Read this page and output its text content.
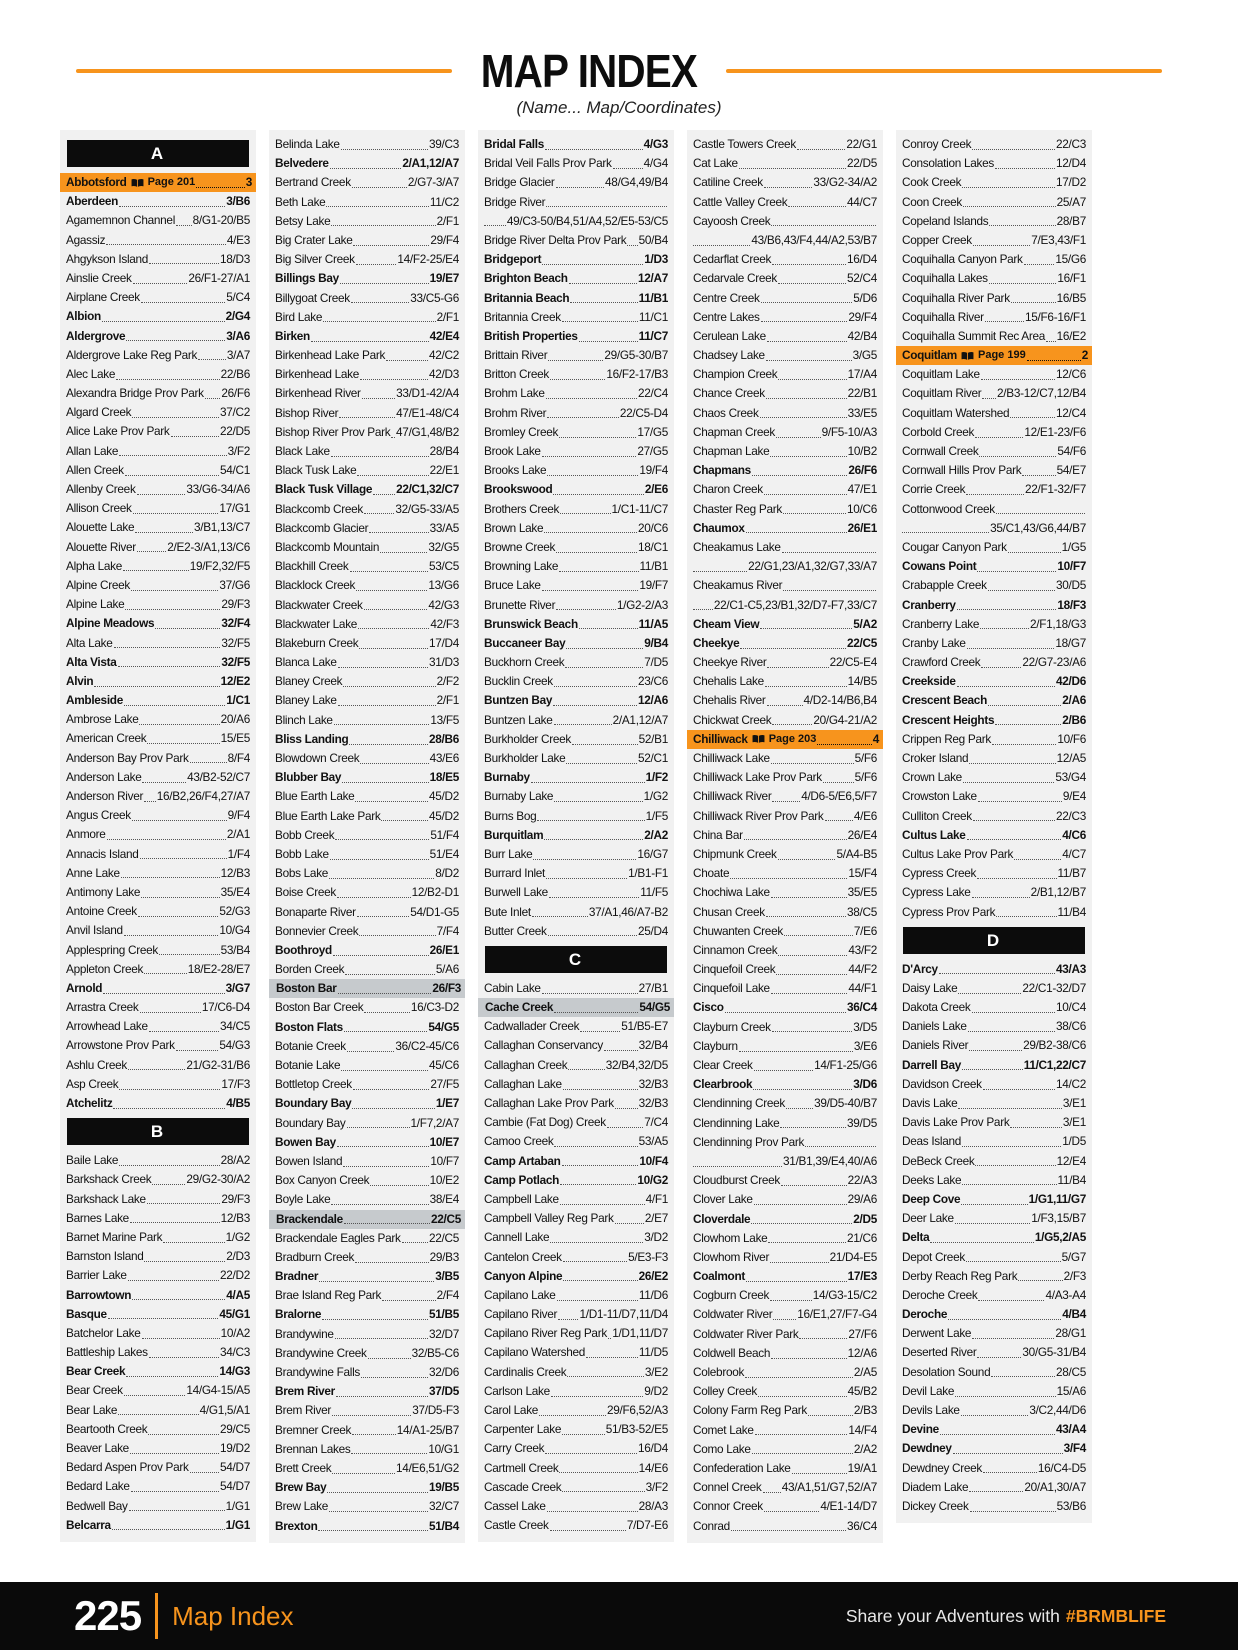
MAP INDEX
(Name... Map/Coordinates)
A
Abbotsford Page 201	3
Aberdeen	3/B6
Agamemnon Channel 8/G1-20/B5
Agassiz	4/E3
Ahgykson Island	18/D3
Ainslie Creek	26/F1-27/A1
Airplane Creek	5/C4
Albion	2/G4
Aldergrove	3/A6
Aldergrove Lake Reg Park	3/A7
Alec Lake	22/B6
Alexandra Bridge Prov Park 26/F6
Algard Creek	37/C2
Alice Lake Prov Park	22/D5
Allan Lake	3/F2
Allen Creek	54/C1
Allenby Creek	33/G6-34/A6
Allison Creek	17/G1
Alouette Lake	3/B1,13/C7
Alouette River	2/E2-3/A1,13/C6
Alpha Lake	19/F2,32/F5
Alpine Creek	37/G6
Alpine Lake	29/F3
Alpine Meadows	32/F4
Alta Lake	32/F5
Alta Vista	32/F5
Alvin	12/E2
Ambleside	1/C1
Ambrose Lake	20/A6
American Creek	15/E5
Anderson Bay Prov Park	8/F4
Anderson Lake	43/B2-52/C7
Anderson River 16/B2,26/F4,27/A7
Angus Creek	9/F4
Anmore	2/A1
Annacis Island	1/F4
Anne Lake	12/B3
Antimony Lake	35/E4
Antoine Creek	52/G3
Anvil Island	10/G4
Applespring Creek	53/B4
Appleton Creek	18/E2-28/E7
Arnold	3/G7
Arrastra Creek	17/C6-D4
Arrowhead Lake	34/C5
Arrowstone Prov Park	54/G3
Ashlu Creek	21/G2-31/B6
Asp Creek	17/F3
Atchelitz	4/B5
B
Baile Lake	28/A2
Barkshack Creek	29/G2-30/A2
Barkshack Lake	29/F3
Barnes Lake	12/B3
Barnet Marine Park	1/G2
Barnston Island	2/D3
Barrier Lake	22/D2
Barrowtown	4/A5
Basque	45/G1
Batchelor Lake	10/A2
Battleship Lakes	34/C3
Bear Creek	14/G3
Bear Creek	14/G4-15/A5
Bear Lake	4/G1,5/A1
Beartooth Creek	29/C5
Beaver Lake	19/D2
Bedard Aspen Prov Park	54/D7
Bedard Lake	54/D7
Bedwell Bay	1/G1
Belcarra	1/G1
Belinda Lake	39/C3
Belvedere	2/A1,12/A7
Bertrand Creek	2/G7-3/A7
Beth Lake	11/C2
Betsy Lake	2/F1
Big Crater Lake	29/F4
Big Silver Creek	14/F2-25/E4
Billings Bay	19/E7
Billygoat Creek	33/C5-G6
Bird Lake	2/F1
Birken	42/E4
Birkenhead Lake Park	42/C2
Birkenhead Lake	42/D3
Birkenhead River	33/D1-42/A4
Bishop River	47/E1-48/C4
Bishop River Prov Park 47/G1,48/B2
Black Lake	28/B4
Black Tusk Lake	22/E1
Black Tusk Village 22/C1,32/C7
Blackcomb Creek	32/G5-33/A5
Blackcomb Glacier	33/A5
Blackcomb Mountain	32/G5
Blackhill Creek	53/C5
Blacklock Creek	13/G6
Blackwater Creek	42/G3
Blackwater Lake	42/F3
Blakeburn Creek	17/D4
Blanca Lake	31/D3
Blaney Creek	2/F2
Blaney Lake	2/F1
Blinch Lake	13/F5
Bliss Landing	28/B6
Blowdown Creek	43/E6
Blubber Bay	18/E5
Blue Earth Lake	45/D2
Blue Earth Lake Park	45/D2
Bobb Creek	51/F4
Bobb Lake	51/E4
Bobs Lake	8/D2
Boise Creek	12/B2-D1
Bonaparte River	54/D1-G5
Bonnevier Creek	7/F4
Boothroyd	26/E1
Borden Creek	5/A6
Boston Bar	26/F3
Boston Bar Creek	16/C3-D2
Boston Flats	54/G5
Botanie Creek	36/C2-45/C6
Botanie Lake	45/C6
Bottletop Creek	27/F5
Boundary Bay	1/E7
Boundary Bay	1/F7,2/A7
Bowen Bay	10/E7
Bowen Island	10/F7
Box Canyon Creek	10/E2
Boyle Lake	38/E4
Brackendale	22/C5
Brackendale Eagles Park 22/C5
Bradburn Creek	29/B3
Bradner	3/B5
Brae Island Reg Park	2/F4
Bralorne	51/B5
Brandywine	32/D7
Brandywine Creek	32/B5-C6
Brandywine Falls	32/D6
Brem River	37/D5
Brem River	37/D5-F3
Bremner Creek	14/A1-25/B7
Brennan Lakes	10/G1
Brett Creek	14/E6,51/G2
Brew Bay	19/B5
Brew Lake	32/C7
Brexton	51/B4
Bridal Falls	4/G3
Bridal Veil Falls Prov Park	4/G4
Bridge Glacier	48/G4,49/B4
Bridge River
49/C3-50/B4,51/A4,52/E5-53/C5
Bridge River Delta Prov Park 50/B4
Bridgeport	1/D3
Brighton Beach	12/A7
Britannia Beach	11/B1
Britannia Creek	11/C1
British Properties	11/C7
Brittain River	29/G5-30/B7
Britton Creek	16/F2-17/B3
Brohm Lake	22/C4
Brohm River	22/C5-D4
Bromley Creek	17/G5
Brook Lake	27/G5
Brooks Lake	19/F4
Brookswood	2/E6
Brothers Creek	1/C1-11/C7
Brown Lake	20/C6
Browne Creek	18/C1
Browning Lake	11/B1
Bruce Lake	19/F7
Brunette River	1/G2-2/A3
Brunswick Beach	11/A5
Buccaneer Bay	9/B4
Buckhorn Creek	7/D5
Bucklin Creek	23/C6
Buntzen Bay	12/A6
Buntzen Lake	2/A1,12/A7
Burkholder Creek	52/B1
Burkholder Lake	52/C1
Burnaby	1/F2
Burnaby Lake	1/G2
Burns Bog	1/F5
Burquitlam	2/A2
Burr Lake	16/G7
Burrard Inlet	1/B1-F1
Burwell Lake	11/F5
Bute Inlet	37/A1,46/A7-B2
Butter Creek	25/D4
C
Cabin Lake	27/B1
Cache Creek	54/G5
Cadwallader Creek	51/B5-E7
Callaghan Conservancy	32/B4
Callaghan Creek	32/B4,32/D5
Callaghan Lake	32/B3
Callaghan Lake Prov Park 32/B3
Cambie (Fat Dog) Creek	7/C4
Camoo Creek	53/A5
Camp Artaban	10/F4
Camp Potlach	10/G2
Campbell Lake	4/F1
Campbell Valley Reg Park	2/E7
Cannell Lake	3/D2
Cantelon Creek	5/E3-F3
Canyon Alpine	26/E2
Capilano Lake	11/D6
Capilano River 1/D1-11/D7,11/D4
Capilano River Reg Park 1/D1,11/D7
Capilano Watershed	11/D5
Cardinalis Creek	3/E2
Carlson Lake	9/D2
Carol Lake	29/F6,52/A3
Carpenter Lake	51/B3-52/E5
Carry Creek	16/D4
Cartmell Creek	14/E6
Cascade Creek	3/F2
Cassel Lake	28/A3
Castle Creek	7/D7-E6
Castle Towers Creek	22/G1
Cat Lake	22/D5
Catiline Creek	33/G2-34/A2
Cattle Valley Creek	44/C7
Cayoosh Creek
43/B6,43/F4,44/A2,53/B7
Cedarflat Creek	16/D4
Cedarvale Creek	52/C4
Centre Creek	5/D6
Centre Lakes	29/F4
Cerulean Lake	42/B4
Chadsey Lake	3/G5
Champion Creek	17/A4
Chance Creek	22/B1
Chaos Creek	33/E5
Chapman Creek	9/F5-10/A3
Chapman Lake	10/B2
Chapmans	26/F6
Charon Creek	47/E1
Chaster Reg Park	10/C6
Chaumox	26/E1
Cheakamus Lake
22/G1,23/A1,32/G7,33/A7
Cheakamus River
22/C1-C5,23/B1,32/D7-F7,33/C7
Cheam View	5/A2
Cheekye	22/C5
Cheekye River	22/C5-E4
Chehalis Lake	14/B5
Chehalis River	4/D2-14/B6,B4
Chickwat Creek	20/G4-21/A2
Chilliwack Page 203	4
Chilliwack Lake	5/F6
Chilliwack Lake Prov Park	5/F6
Chilliwack River	4/D6-5/E6,5/F7
Chilliwack River Prov Park	4/E6
China Bar	26/E4
Chipmunk Creek	5/A4-B5
Choate	15/F4
Chochiwa Lake	35/E5
Chusan Creek	38/C5
Chuwanten Creek	7/E6
Cinnamon Creek	43/F2
Cinquefoil Creek	44/F2
Cinquefoil Lake	44/F1
Cisco	36/C4
Clayburn Creek	3/D5
Clayburn	3/E6
Clear Creek	14/F1-25/G6
Clearbrook	3/D6
Clendinning Creek 39/D5-40/B7
Clendinning Lake	39/D5
Clendinning Prov Park
31/B1,39/E4,40/A6
Cloudburst Creek	22/A3
Clover Lake	29/A6
Cloverdale	2/D5
Clowhom Lake	21/C6
Clowhom River	21/D4-E5
Coalmont	17/E3
Cogburn Creek	14/G3-15/C2
Coldwater River 16/E1,27/F7-G4
Coldwater River Park	27/F6
Coldwell Beach	12/A6
Colebrook	2/A5
Colley Creek	45/B2
Colony Farm Reg Park	2/B3
Comet Lake	14/F4
Como Lake	2/A2
Confederation Lake	19/A1
Connel Creek 43/A1,51/G7,52/A7
Connor Creek	4/E1-14/D7
Conrad	36/C4
Conroy Creek	22/C3
Consolation Lakes	12/D4
Cook Creek	17/D2
Coon Creek	25/A7
Copeland Islands	28/B7
Copper Creek	7/E3,43/F1
Coquihalla Canyon Park	15/G6
Coquihalla Lakes	16/F1
Coquihalla River Park	16/B5
Coquihalla River	15/F6-16/F1
Coquihalla Summit Rec Area 16/E2
Coquitlam Page 199	2
Coquitlam Lake	12/C6
Coquitlam River 2/B3-12/C7,12/B4
Coquitlam Watershed	12/C4
Corbold Creek	12/E1-23/F6
Cornwall Creek	54/F6
Cornwall Hills Prov Park	54/E7
Corrie Creek	22/F1-32/F7
Cottonwood Creek
35/C1,43/G6,44/B7
Cougar Canyon Park	1/G5
Cowans Point	10/F7
Crabapple Creek	30/D5
Cranberry	18/F3
Cranberry Lake	2/F1,18/G3
Cranby Lake	18/G7
Crawford Creek	22/G7-23/A6
Creekside	42/D6
Crescent Beach	2/A6
Crescent Heights	2/B6
Crippen Reg Park	10/F6
Croker Island	12/A5
Crown Lake	53/G4
Crowston Lake	9/E4
Culliton Creek	22/C3
Cultus Lake	4/C6
Cultus Lake Prov Park	4/C7
Cypress Creek	11/B7
Cypress Lake	2/B1,12/B7
Cypress Prov Park	11/B4
D
D'Arcy	43/A3
Daisy Lake	22/C1-32/D7
Dakota Creek	10/C4
Daniels Lake	38/C6
Daniels River	29/B2-38/C6
Darrell Bay	11/C1,22/C7
Davidson Creek	14/C2
Davis Lake	3/E1
Davis Lake Prov Park	3/E1
Deas Island	1/D5
DeBeck Creek	12/E4
Deeks Lake	11/B4
Deep Cove	1/G1,11/G7
Deer Lake	1/F3,15/B7
Delta	1/G5,2/A5
Depot Creek	5/G7
Derby Reach Reg Park	2/F3
Deroche Creek	4/A3-A4
Deroche	4/B4
Derwent Lake	28/G1
Deserted River	30/G5-31/B4
Desolation Sound	28/C5
Devil Lake	15/A6
Devils Lake	3/C2,44/D6
Devine	43/A4
Dewdney	3/F4
Dewdney Creek	16/C4-D5
Diadem Lake	20/A1,30/A7
Dickey Creek	53/B6
225 Map Index	Share your Adventures with #BRMBLIFE
